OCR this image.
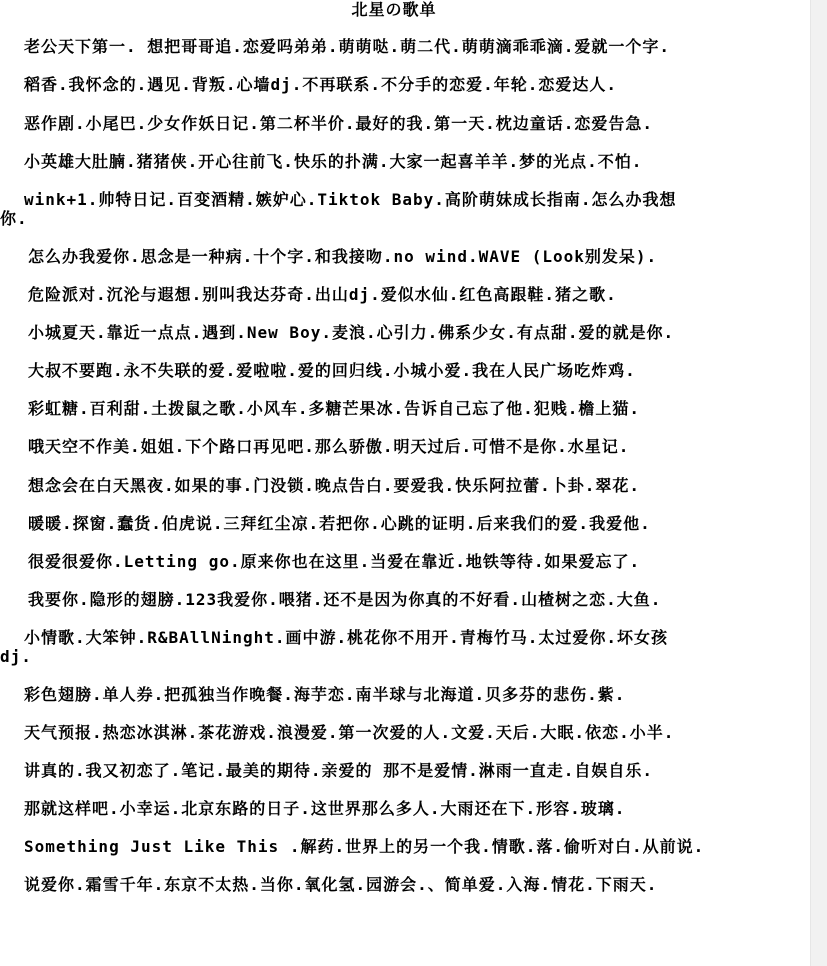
北星の歌单
老公天下第一. 想把哥哥追.恋爱吗弟弟.萌萌哒.萌二代.萌萌滴乖乖滴.爱就一个字.
稻香.我怀念的.遇见.背叛.心墙dj.不再联系.不分手的恋爱.年轮.恋爱达人.
恶作剧.小尾巴.少女作妖日记.第二杯半价.最好的我.第一天.枕边童话.恋爱告急.
小英雄大肚腩.猪猪侠.开心往前飞.快乐的扑满.大家一起喜羊羊.梦的光点.不怕.
wink+1.帅特日记.百变酒精.嫉妒心.Tiktok Baby.高阶萌妹成长指南.怎么办我想
你.
怎么办我爱你.思念是一种病.十个字.和我接吻.no wind.WAVE (Look别发呆).
危险派对.沉沦与遐想.别叫我达芬奇.出山dj.爱似水仙.红色高跟鞋.猪之歌.
小城夏天.靠近一点点.遇到.New Boy.麦浪.心引力.佛系少女.有点甜.爱的就是你.
大叔不要跑.永不失联的爱.爱啦啦.爱的回归线.小城小爱.我在人民广场吃炸鸡.
彩虹糖.百利甜.土拨鼠之歌.小风车.多糖芒果冰.告诉自己忘了他.犯贱.檐上猫.
哦天空不作美.姐姐.下个路口再见吧.那么骄傲.明天过后.可惜不是你.水星记.
想念会在白天黑夜.如果的事.门没锁.晚点告白.要爱我.快乐阿拉蕾.卜卦.翠花.
暖暖.探窗.蠢货.伯虎说.三拜红尘凉.若把你.心跳的证明.后来我们的爱.我爱他.
很爱很爱你.Letting go.原来你也在这里.当爱在靠近.地铁等待.如果爱忘了.
我要你.隐形的翅膀.123我爱你.喂猪.还不是因为你真的不好看.山楂树之恋.大鱼.
小情歌.大笨钟.R&BAllNinght.画中游.桃花你不用开.青梅竹马.太过爱你.坏女孩
dj.
彩色翅膀.单人券.把孤独当作晚餐.海芋恋.南半球与北海道.贝多芬的悲伤.紫.
天气预报.热恋冰淇淋.茶花游戏.浪漫爱.第一次爱的人.文爱.天后.大眠.依恋.小半.
讲真的.我又初恋了.笔记.最美的期待.亲爱的 那不是爱情.淋雨一直走.自娱自乐.
那就这样吧.小幸运.北京东路的日子.这世界那么多人.大雨还在下.形容.玻璃.
Something Just Like This .解药.世界上的另一个我.情歌.落.偷听对白.从前说.
说爱你.霜雪千年.东京不太热.当你.氧化氢.园游会.、简单爱.入海.情花.下雨天.
